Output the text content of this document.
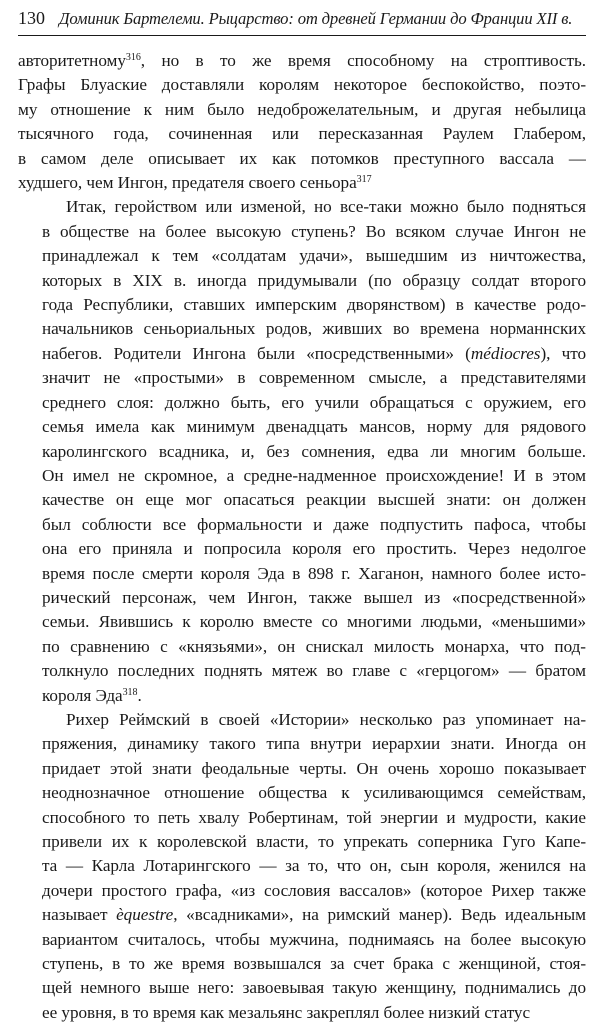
130 Доминик Бартелеми. Рыцарство: от древней Германии до Франции XII в.

авторитетному$^{316}$, но в то же время способному на строптивость.
Графы Блуаские доставляли королям некоторое беспокойство, поэто-
му отношение к ним было недоброжелательным, и другая небылица
тысячного года, сочиненная или пересказанная Раулем Глабером,
в самом деле описывает их как потомков преступного вассала —
худшего, чем Ингон, предателя своего сеньора$^{317}$

Итак, геройством или изменой, но все-таки можно было подняться
в обществе на более высокую ступень? Во всяком случае Ингон не
принадлежал к тем «солдатам удачи», вышедшим из ничтожества,
которых в XIX в. иногда придумывали (по образцу солдат второго
года Республики, ставших имперским дворянством) в качестве родо-
начальников сеньориальных родов, живших во времена норманнских
набегов. Родители Ингона были «посредственными» (médiocres), что
значит не «простыми» в современном смысле, а представителями
среднего слоя: должно быть, его учили обращаться с оружием, его
семья имела как минимум двенадцать мансов, норму для рядового
каролингского всадника, и, без сомнения, едва ли многим больше.
Он имел не скромное, а средне-надменное происхождение! И в этом
качестве он еще мог опасаться реакции высшей знати: он должен
был соблюсти все формальности и даже подпустить пафоса, чтобы
она его приняла и попросила короля его простить. Через недолгое
время после смерти короля Эда в 898 г. Хаганон, намного более исто-
рический персонаж, чем Ингон, также вышел из «посредственной»
семьи. Явившись к королю вместе со многими людьми, «меньшими»
по сравнению с «князьями», он снискал милость монарха, что под-
толкнуло последних поднять мятеж во главе с «герцогом» — братом
короля Эда$^{318}$.

Рихер Реймский в своей «Истории» несколько раз упоминает на-
пряжения, динамику такого типа внутри иерархии знати. Иногда он
придает этой знати феодальные черты. Он очень хорошо показывает
неоднозначное отношение общества к усиливающимся семействам,
способного то петь хвалу Робертинам, той энергии и мудрости, какие
привели их к королевской власти, то упрекать соперника Гуго Капе-
та — Карла Лотарингского — за то, что он, сын короля, женился на
дочери простого графа, «из сословия вассалов» (которое Рихер также
называет èquestre, «всадниками», на римский манер). Ведь идеальным
вариантом считалось, чтобы мужчина, поднимаясь на более высокую
ступень, в то же время возвышался за счет брака с женщиной, стоя-
щей немного выше него: завоевывая такую женщину, поднимались до
ее уровня, в то время как мезальянс закреплял более низкий статус
